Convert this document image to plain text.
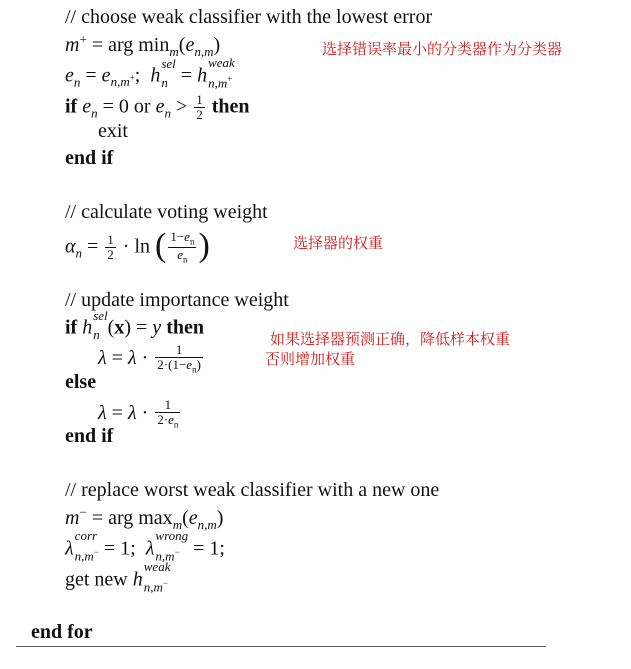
// choose weak classifier with the lowest error
m+ = arg $\min_m(e_{n,m})$	选择错误率最小的分类器作为分类器
$e_n = e_{n,m^+}$;  h
sel
n = h
weak
n,m+
if $e_n = 0$ or $e_n > \frac{1}{2}$ then
exit
end if
// calculate voting weight
$\alpha_n = \frac{1}{2} \cdot \ln$ ( $\frac{1-e_n}{e_n}$ )	选择器的权重
// update importance weight
if h
sel
n (x) = y then
如果选择器预测正确，降低样本权重
否则增加权重
$\lambda = \lambda \cdot \frac{1}{2\cdot(1-e_n)}$
else
$\lambda = \lambda \cdot \frac{1}{2\cdot e_n}$
end if
// replace worst weak classifier with a new one
m− = arg $\max_m(e_{n,m})$
λ
corr
n,m− = 1;  λ
wrong
n,m− = 1;
get new h
weak
n,m−
end for
